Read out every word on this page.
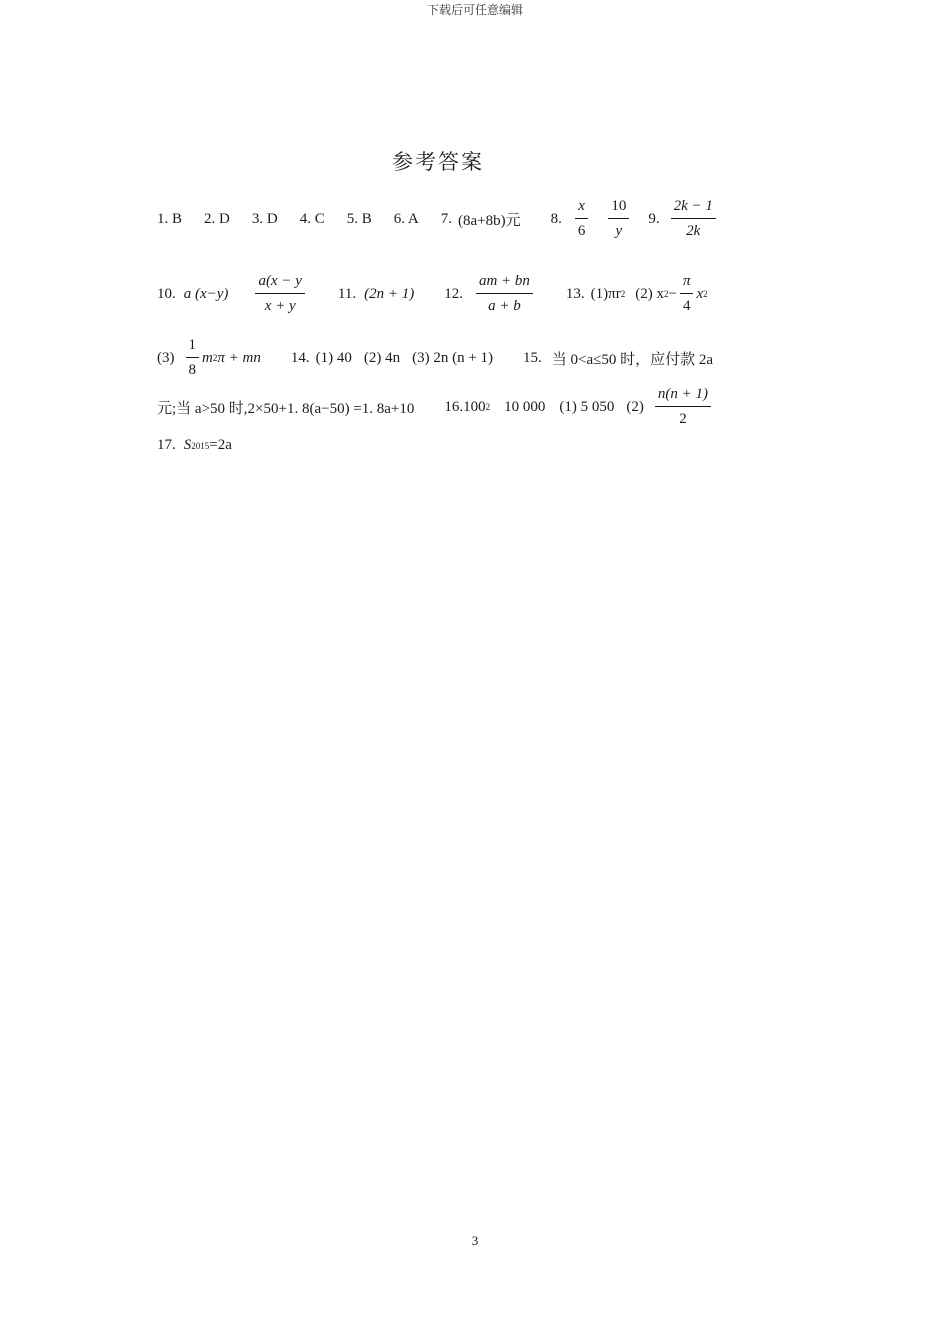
下载后可任意编辑
参考答案
1. B 2. D 3. D 4. C 5. B 6. A 7. (8a+8b)元 8. $\frac{x}{6} \frac{10}{y} 9$. $\frac{2k - 1}{2k}$
10. a $(x-y) \frac{a(x - y}{x + y} 11$. (2n + 1) 12. $\frac{am + bn}{a + b} 13$. (1)πr 2 (2) x $2 - \frac{\pi}{4}$ x 2
$(3) \frac{1}{8}$ m 2 π + mn 14. (1) 40 (2) 4n (3) 2n (n + 1) 15. 当 0<a≤50 时，应付款 2a
元;当 a>50 时,2×50+1. 8(a−50) =1. 8a+10 16. 100 2 10 000 (1) 5 050 $(2) \frac{n(n + 1)}{2}$
17. S 2015 =2a
3
